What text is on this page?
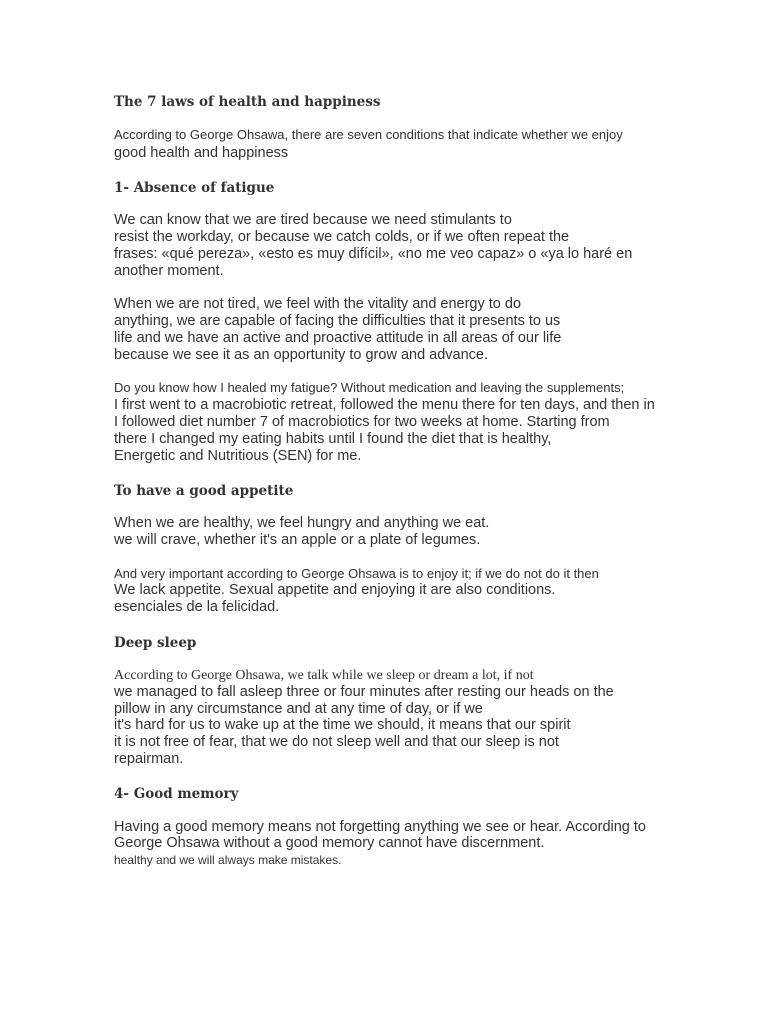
The 7 laws of health and happiness
According to George Ohsawa, there are seven conditions that indicate whether we enjoy
good health and happiness
1- Absence of fatigue
We can know that we are tired because we need stimulants to
resist the workday, or because we catch colds, or if we often repeat the
frases: «qué pereza», «esto es muy difícil», «no me veo capaz» o «ya lo haré en
another moment.
When we are not tired, we feel with the vitality and energy to do
anything, we are capable of facing the difficulties that it presents to us
life and we have an active and proactive attitude in all areas of our life
because we see it as an opportunity to grow and advance.
Do you know how I healed my fatigue? Without medication and leaving the supplements;
I first went to a macrobiotic retreat, followed the menu there for ten days, and then in
I followed diet number 7 of macrobiotics for two weeks at home. Starting from
there I changed my eating habits until I found the diet that is healthy,
Energetic and Nutritious (SEN) for me.
To have a good appetite
When we are healthy, we feel hungry and anything we eat.
we will crave, whether it's an apple or a plate of legumes.
And very important according to George Ohsawa is to enjoy it; if we do not do it then
We lack appetite. Sexual appetite and enjoying it are also conditions.
esenciales de la felicidad.
Deep sleep
According to George Ohsawa, we talk while we sleep or dream a lot, if not
we managed to fall asleep three or four minutes after resting our heads on the
pillow in any circumstance and at any time of day, or if we
it's hard for us to wake up at the time we should, it means that our spirit
it is not free of fear, that we do not sleep well and that our sleep is not
repairman.
4- Good memory
Having a good memory means not forgetting anything we see or hear. According to
George Ohsawa without a good memory cannot have discernment.
healthy and we will always make mistakes.
